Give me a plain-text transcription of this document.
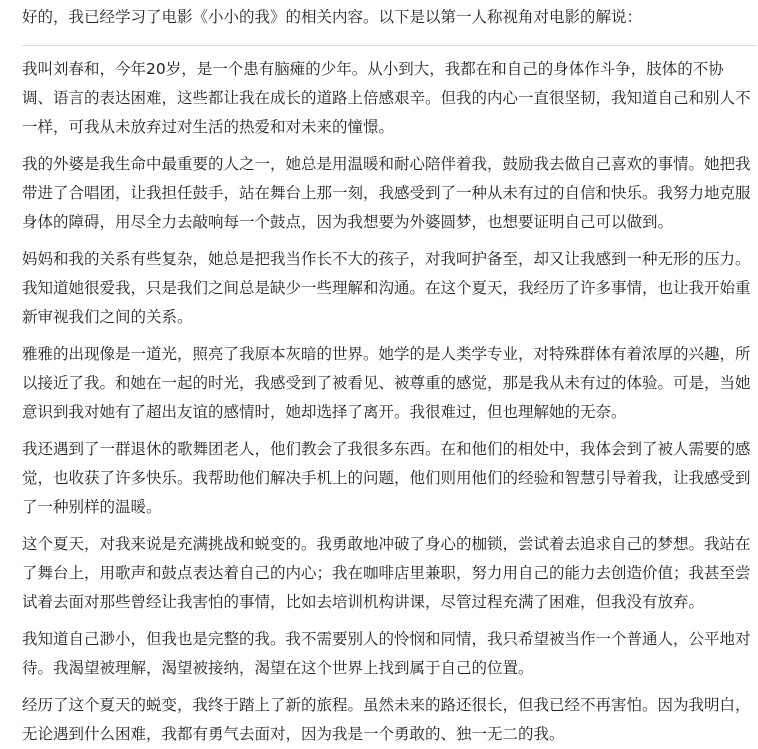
好的，我已经学习了电影《小小的我》的相关内容。以下是以第一人称视角对电影的解说：

我叫刘春和，今年20岁，是一个患有脑瘫的少年。从小到大，我都在和自己的身体作斗争，肢体的不协调、语言的表达困难，这些都让我在成长的道路上倍感艰辛。但我的内心一直很坚韧，我知道自己和别人不一样，可我从未放弃过对生活的热爱和对未来的憧憬。

我的外婆是我生命中最重要的人之一，她总是用温暖和耐心陪伴着我，鼓励我去做自己喜欢的事情。她把我带进了合唱团，让我担任鼓手，站在舞台上那一刻，我感受到了一种从未有过的自信和快乐。我努力地克服身体的障碍，用尽全力去敲响每一个鼓点，因为我想要为外婆圆梦，也想要证明自己可以做到。

妈妈和我的关系有些复杂，她总是把我当作长不大的孩子，对我呵护备至，却又让我感到一种无形的压力。我知道她很爱我，只是我们之间总是缺少一些理解和沟通。在这个夏天，我经历了许多事情，也让我开始重新审视我们之间的关系。

雅雅的出现像是一道光，照亮了我原本灰暗的世界。她学的是人类学专业，对特殊群体有着浓厚的兴趣，所以接近了我。和她在一起的时光，我感受到了被看见、被尊重的感觉，那是我从未有过的体验。可是，当她意识到我对她有了超出友谊的感情时，她却选择了离开。我很难过，但也理解她的无奈。

我还遇到了一群退休的歌舞团老人，他们教会了我很多东西。在和他们的相处中，我体会到了被人需要的感觉，也收获了许多快乐。我帮助他们解决手机上的问题，他们则用他们的经验和智慧引导着我，让我感受到了一种别样的温暖。

这个夏天，对我来说是充满挑战和蜕变的。我勇敢地冲破了身心的枷锁，尝试着去追求自己的梦想。我站在了舞台上，用歌声和鼓点表达着自己的内心；我在咖啡店里兼职，努力用自己的能力去创造价值；我甚至尝试着去面对那些曾经让我害怕的事情，比如去培训机构讲课，尽管过程充满了困难，但我没有放弃。

我知道自己渺小，但我也是完整的我。我不需要别人的怜悯和同情，我只希望被当作一个普通人，公平地对待。我渴望被理解，渴望被接纳，渴望在这个世界上找到属于自己的位置。

经历了这个夏天的蜕变，我终于踏上了新的旅程。虽然未来的路还很长，但我已经不再害怕。因为我明白，无论遇到什么困难，我都有勇气去面对，因为我是一个勇敢的、独一无二的我。
